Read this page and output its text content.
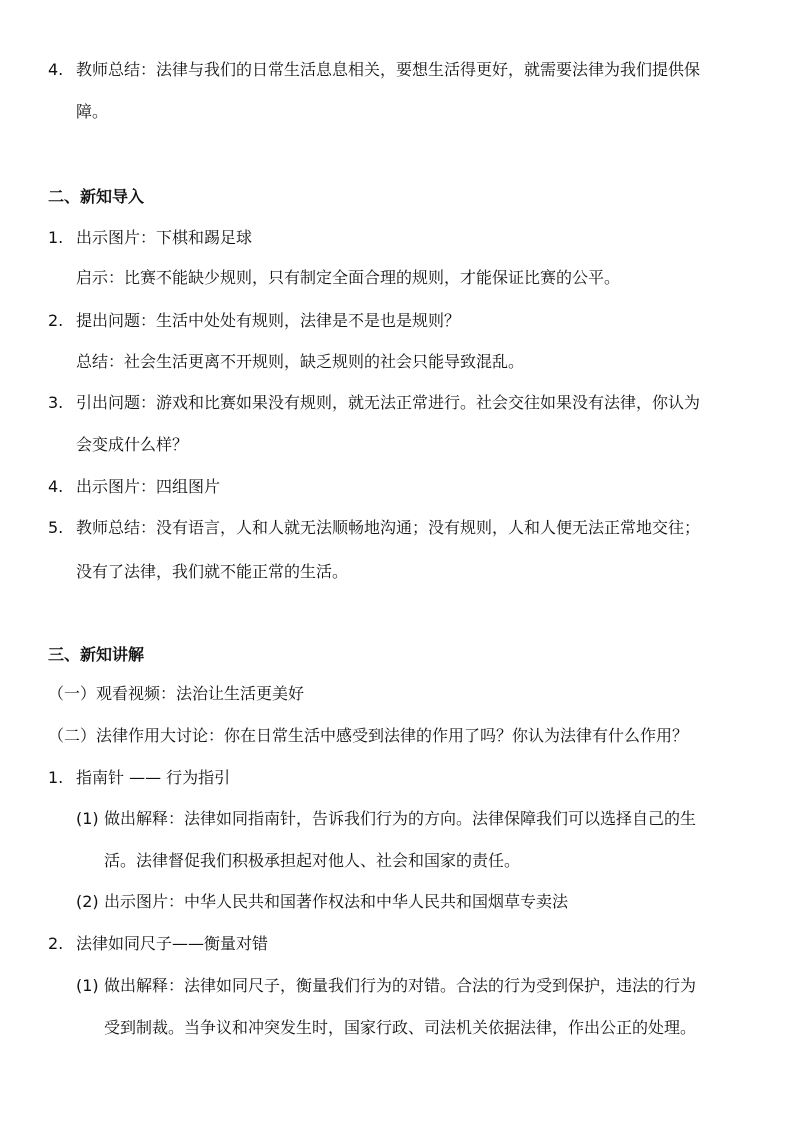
4. 教师总结：法律与我们的日常生活息息相关，要想生活得更好，就需要法律为我们提供保
障。
二、新知导入
1. 出示图片：下棋和踢足球
启示：比赛不能缺少规则，只有制定全面合理的规则，才能保证比赛的公平。
2. 提出问题：生活中处处有规则，法律是不是也是规则？
总结：社会生活更离不开规则，缺乏规则的社会只能导致混乱。
3. 引出问题：游戏和比赛如果没有规则，就无法正常进行。社会交往如果没有法律，你认为
会变成什么样？
4. 出示图片：四组图片
5. 教师总结：没有语言，人和人就无法顺畅地沟通；没有规则，人和人便无法正常地交往；
没有了法律，我们就不能正常的生活。
三、新知讲解
（一）观看视频：法治让生活更美好
（二）法律作用大讨论：你在日常生活中感受到法律的作用了吗？你认为法律有什么作用？
1. 指南针 —— 行为指引
(1) 做出解释：法律如同指南针，告诉我们行为的方向。法律保障我们可以选择自己的生
活。法律督促我们积极承担起对他人、社会和国家的责任。
(2) 出示图片：中华人民共和国著作权法和中华人民共和国烟草专卖法
2. 法律如同尺子——衡量对错
(1) 做出解释：法律如同尺子，衡量我们行为的对错。合法的行为受到保护，违法的行为
受到制裁。当争议和冲突发生时，国家行政、司法机关依据法律，作出公正的处理。
